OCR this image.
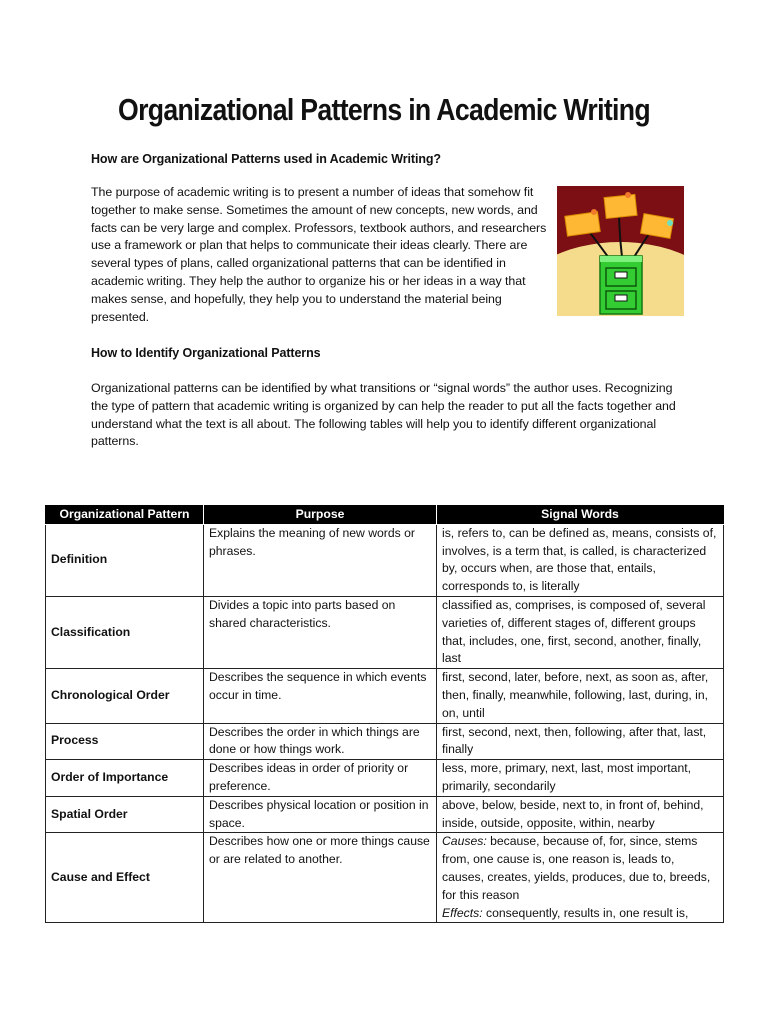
Organizational Patterns in Academic Writing
How are Organizational Patterns used in Academic Writing?
The purpose of academic writing is to present a number of ideas that somehow fit together to make sense. Sometimes the amount of new concepts, new words, and facts can be very large and complex. Professors, textbook authors, and researchers use a framework or plan that helps to communicate their ideas clearly. There are several types of plans, called organizational patterns that can be identified in academic writing. They help the author to organize his or her ideas in a way that makes sense, and hopefully, they help you to understand the material being presented.
How to Identify Organizational Patterns
Organizational patterns can be identified by what transitions or “signal words” the author uses. Recognizing the type of pattern that academic writing is organized by can help the reader to put all the facts together and understand what the text is all about. The following tables will help you to identify different organizational patterns.
Organizational Pattern	Purpose	Signal Words
Definition	Explains the meaning of new words or phrases.	is, refers to, can be defined as, means, consists of, involves, is a term that, is called, is characterized by, occurs when, are those that, entails, corresponds to, is literally
Classification	Divides a topic into parts based on shared characteristics.	classified as, comprises, is composed of, several varieties of, different stages of, different groups that, includes, one, first, second, another, finally, last
Chronological Order	Describes the sequence in which events occur in time.	first, second, later, before, next, as soon as, after, then, finally, meanwhile, following, last, during, in, on, until
Process	Describes the order in which things are done or how things work.	first, second, next, then, following, after that, last, finally
Order of Importance	Describes ideas in order of priority or preference.	less, more, primary, next, last, most important, primarily, secondarily
Spatial Order	Describes physical location or position in space.	above, below, beside, next to, in front of, behind, inside, outside, opposite, within, nearby
Cause and Effect	Describes how one or more things cause or are related to another.	Causes: because, because of, for, since, stems from, one cause is, one reason is, leads to, causes, creates, yields, produces, due to, breeds, for this reason
Effects: consequently, results in, one result is,
